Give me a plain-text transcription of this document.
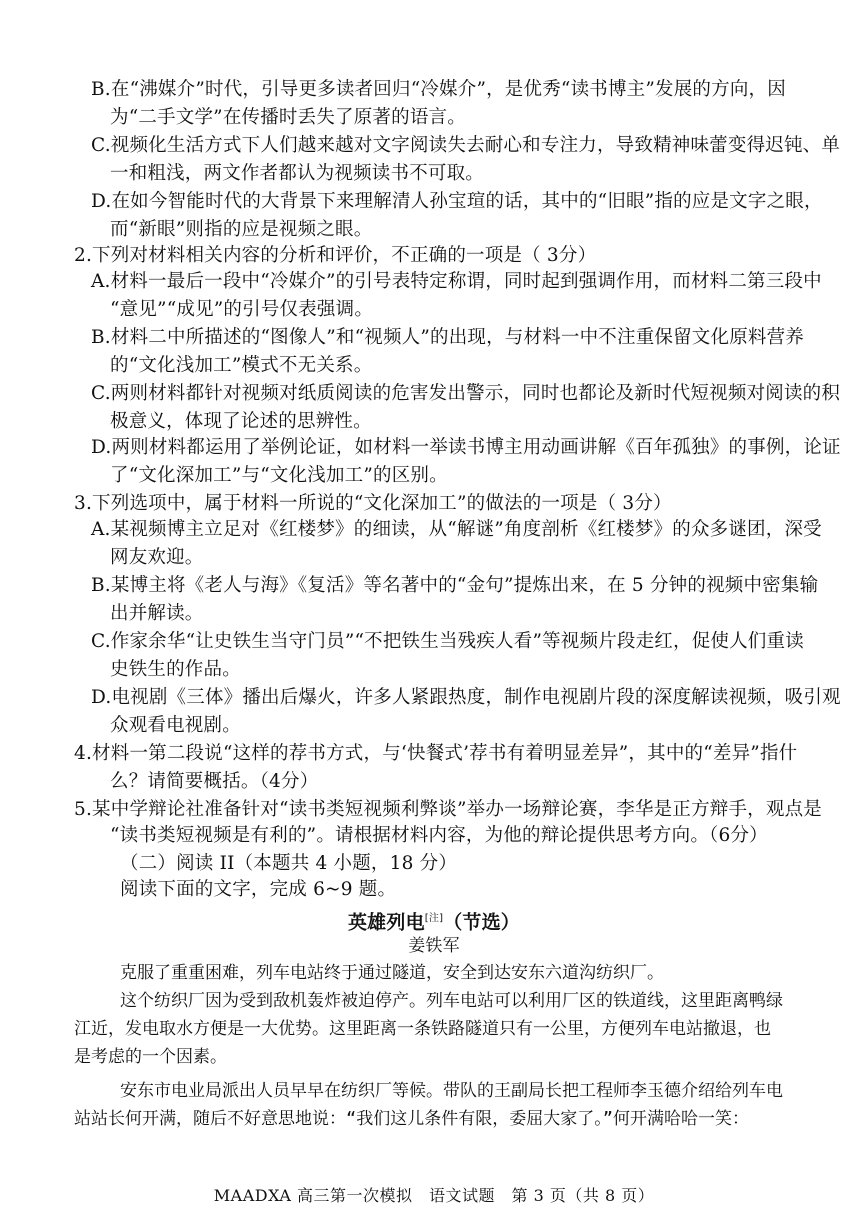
B.在“沸媒介”时代，引导更多读者回归“冷媒介”，是优秀“读书博主”发展的方向，因
为“二手文学”在传播时丢失了原著的语言。
C.视频化生活方式下人们越来越对文字阅读失去耐心和专注力，导致精神味蕾变得迟钝、单
一和粗浅，两文作者都认为视频读书不可取。
D.在如今智能时代的大背景下来理解清人孙宝瑄的话，其中的“旧眼”指的应是文字之眼，
而“新眼”则指的应是视频之眼。
2.下列对材料相关内容的分析和评价，不正确的一项是（ 3分）
A.材料一最后一段中“冷媒介”的引号表特定称谓，同时起到强调作用，而材料二第三段中
“意见”“成见”的引号仅表强调。
B.材料二中所描述的“图像人”和“视频人”的出现，与材料一中不注重保留文化原料营养
的“文化浅加工”模式不无关系。
C.两则材料都针对视频对纸质阅读的危害发出警示，同时也都论及新时代短视频对阅读的积
极意义，体现了论述的思辨性。
D.两则材料都运用了举例论证，如材料一举读书博主用动画讲解《百年孤独》的事例，论证
了“文化深加工”与“文化浅加工”的区别。
3.下列选项中，属于材料一所说的“文化深加工”的做法的一项是（ 3分）
A.某视频博主立足对《红楼梦》的细读，从“解谜”角度剖析《红楼梦》的众多谜团，深受
网友欢迎。
B.某博主将《老人与海》《复活》等名著中的“金句”提炼出来，在 5 分钟的视频中密集输
出并解读。
C.作家余华“让史铁生当守门员”“不把铁生当残疾人看”等视频片段走红，促使人们重读
史铁生的作品。
D.电视剧《三体》播出后爆火，许多人紧跟热度，制作电视剧片段的深度解读视频，吸引观
众观看电视剧。
4.材料一第二段说“这样的荐书方式，与‘快餐式’荐书有着明显差异”，其中的“差异”指什
么？请简要概括。（4分）
5.某中学辩论社准备针对“读书类短视频利弊谈”举办一场辩论赛，李华是正方辩手，观点是
“读书类短视频是有利的”。请根据材料内容，为他的辩论提供思考方向。（6分）
（二）阅读 II（本题共 4 小题，18 分）
阅读下面的文字，完成 6~9 题。
英雄列电[注]（节选）
姜铁军
克服了重重困难，列车电站终于通过隧道，安全到达安东六道沟纺织厂。
这个纺织厂因为受到敌机轰炸被迫停产。列车电站可以利用厂区的铁道线，这里距离鸭绿
江近，发电取水方便是一大优势。这里距离一条铁路隧道只有一公里，方便列车电站撤退，也
是考虑的一个因素。
安东市电业局派出人员早早在纺织厂等候。带队的王副局长把工程师李玉德介绍给列车电
站站长何开满，随后不好意思地说：“我们这儿条件有限，委屈大家了。”何开满哈哈一笑：
MAADXA 高三第一次模拟　语文试题　第 3 页（共 8 页）
